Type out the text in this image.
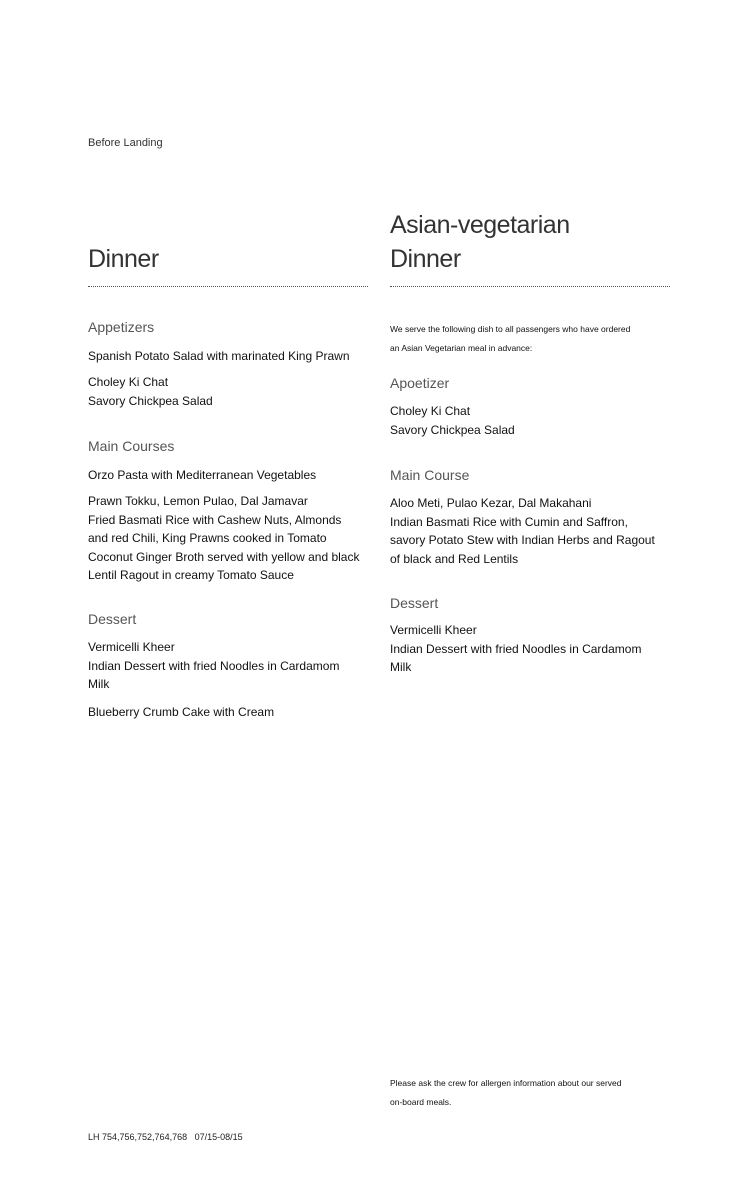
Before Landing
Dinner
Appetizers
Spanish Potato Salad with marinated King Prawn
Choley Ki Chat
Savory Chickpea Salad
Main Courses
Orzo Pasta with Mediterranean Vegetables
Prawn Tokku, Lemon Pulao, Dal Jamavar
Fried Basmati Rice with Cashew Nuts, Almonds
and red Chili, King Prawns cooked in Tomato
Coconut Ginger Broth served with yellow and black
Lentil Ragout in creamy Tomato Sauce
Dessert
Vermicelli Kheer
Indian Dessert with fried Noodles in Cardamom
Milk
Blueberry Crumb Cake with Cream
Asian-vegetarian
Dinner
We serve the following dish to all passengers who have ordered
an Asian Vegetarian meal in advance:
Apoetizer
Choley Ki Chat
Savory Chickpea Salad
Main Course
Aloo Meti, Pulao Kezar, Dal Makahani
Indian Basmati Rice with Cumin and Saffron,
savory Potato Stew with Indian Herbs and Ragout
of black and Red Lentils
Dessert
Vermicelli Kheer
Indian Dessert with fried Noodles in Cardamom
Milk
Please ask the crew for allergen information about our served
on-board meals.
LH 754,756,752,764,768   07/15-08/15
